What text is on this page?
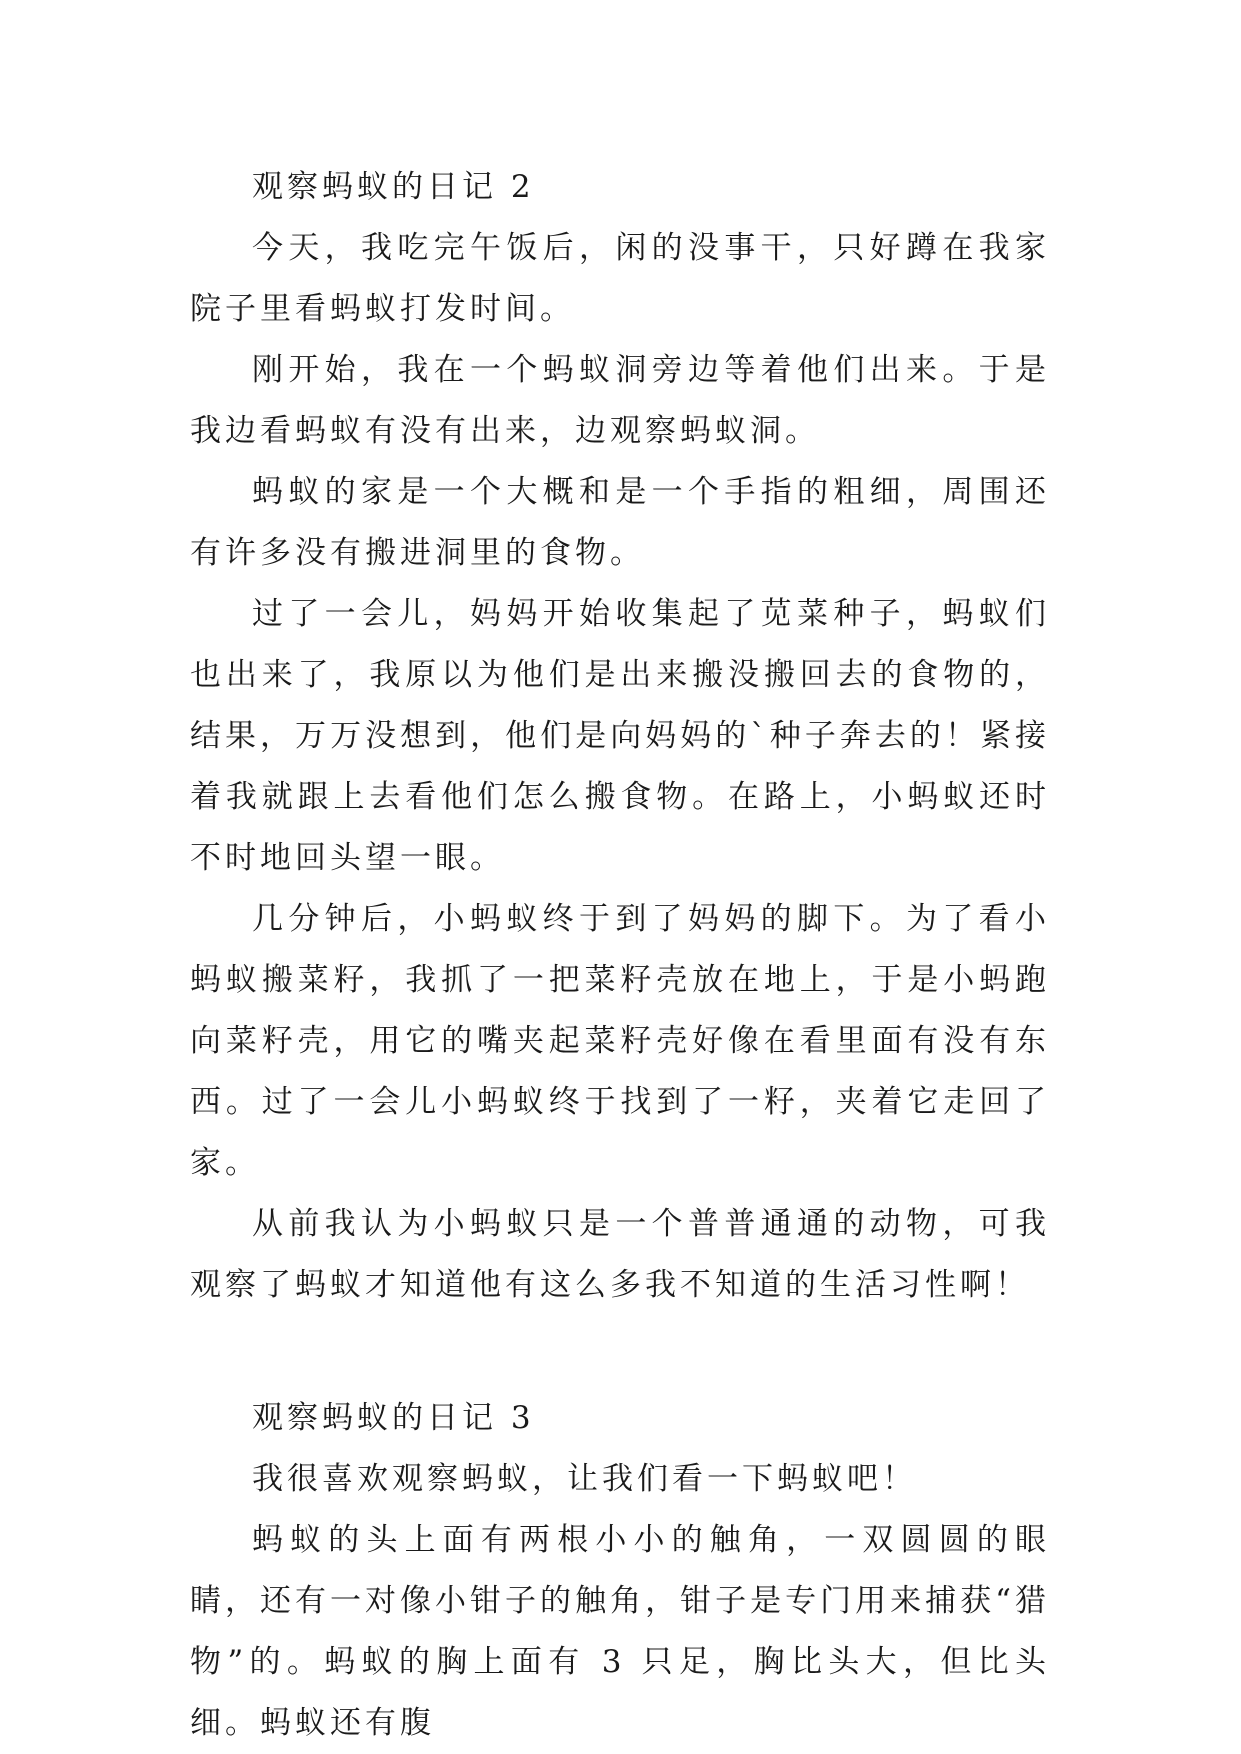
观察蚂蚁的日记 2

今天，我吃完午饭后，闲的没事干，只好蹲在我家院子里看蚂蚁打发时间。

刚开始，我在一个蚂蚁洞旁边等着他们出来。于是我边看蚂蚁有没有出来，边观察蚂蚁洞。

蚂蚁的家是一个大概和是一个手指的粗细，周围还有许多没有搬进洞里的食物。

过了一会儿，妈妈开始收集起了苋菜种子，蚂蚁们也出来了，我原以为他们是出来搬没搬回去的食物的，结果，万万没想到，他们是向妈妈的`种子奔去的！紧接着我就跟上去看他们怎么搬食物。在路上，小蚂蚁还时不时地回头望一眼。

几分钟后，小蚂蚁终于到了妈妈的脚下。为了看小蚂蚁搬菜籽，我抓了一把菜籽壳放在地上，于是小蚂跑向菜籽壳，用它的嘴夹起菜籽壳好像在看里面有没有东西。过了一会儿小蚂蚁终于找到了一籽，夹着它走回了家。

从前我认为小蚂蚁只是一个普普通通的动物，可我观察了蚂蚁才知道他有这么多我不知道的生活习性啊！

观察蚂蚁的日记 3

我很喜欢观察蚂蚁，让我们看一下蚂蚁吧！

蚂蚁的头上面有两根小小的触角，一双圆圆的眼睛，还有一对像小钳子的触角，钳子是专门用来捕获“猎物”的。蚂蚁的胸上面有 3 只足，胸比头大，但比头细。蚂蚁还有腹
